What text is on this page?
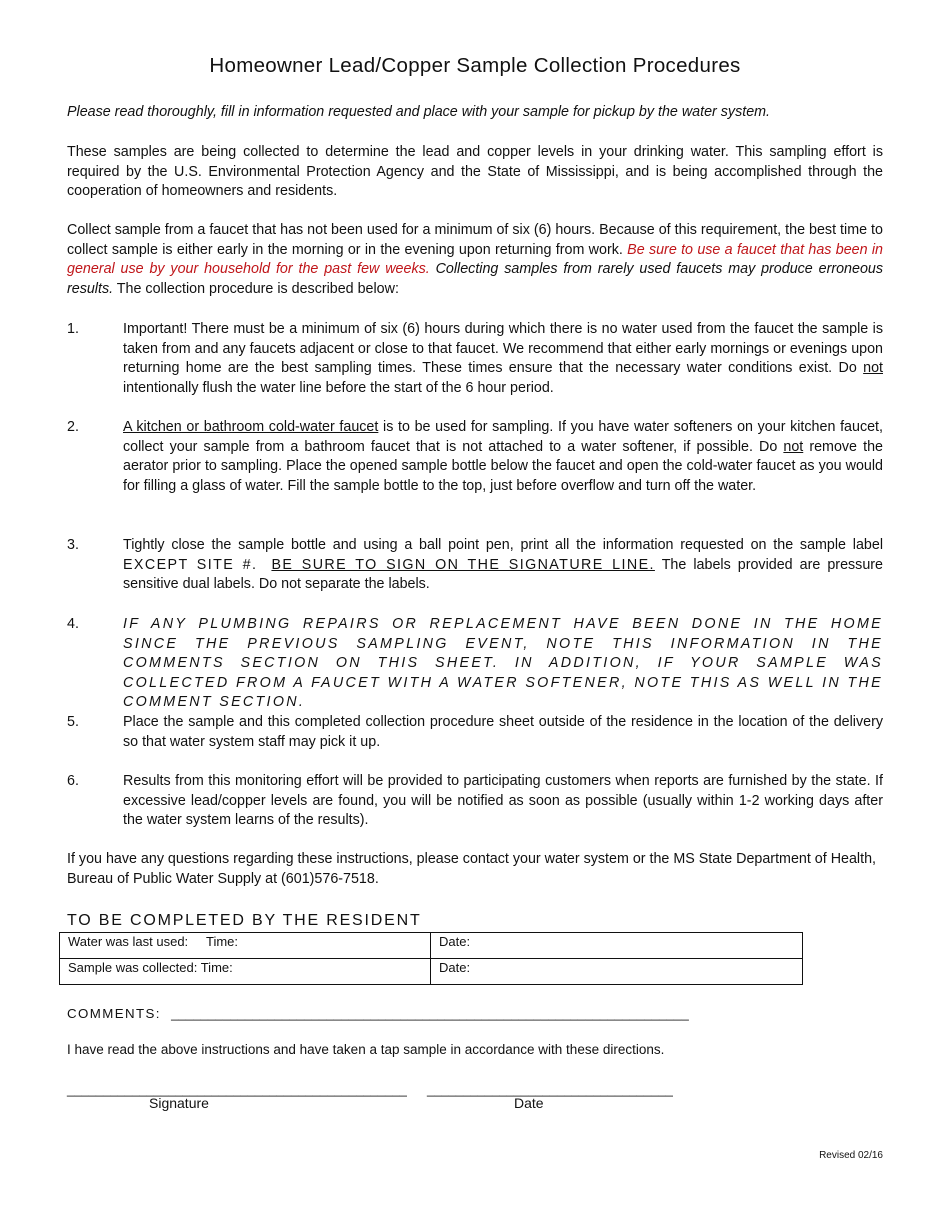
Homeowner Lead/Copper Sample Collection Procedures
Please read thoroughly, fill in information requested and place with your sample for pickup by the water system.
These samples are being collected to determine the lead and copper levels in your drinking water. This sampling effort is required by the U.S. Environmental Protection Agency and the State of Mississippi, and is being accomplished through the cooperation of homeowners and residents.
Collect sample from a faucet that has not been used for a minimum of six (6) hours. Because of this requirement, the best time to collect sample is either early in the morning or in the evening upon returning from work. Be sure to use a faucet that has been in general use by your household for the past few weeks. Collecting samples from rarely used faucets may produce erroneous results. The collection procedure is described below:
1.	Important! There must be a minimum of six (6) hours during which there is no water used from the faucet the sample is taken from and any faucets adjacent or close to that faucet. We recommend that either early mornings or evenings upon returning home are the best sampling times. These times ensure that the necessary water conditions exist. Do not intentionally flush the water line before the start of the 6 hour period.
2.	A kitchen or bathroom cold-water faucet is to be used for sampling. If you have water softeners on your kitchen faucet, collect your sample from a bathroom faucet that is not attached to a water softener, if possible. Do not remove the aerator prior to sampling. Place the opened sample bottle below the faucet and open the cold-water faucet as you would for filling a glass of water. Fill the sample bottle to the top, just before overflow and turn off the water.
3.	Tightly close the sample bottle and using a ball point pen, print all the information requested on the sample label EXCEPT SITE #. BE SURE TO SIGN ON THE SIGNATURE LINE. The labels provided are pressure sensitive dual labels. Do not separate the labels.
4.	IF ANY PLUMBING REPAIRS OR REPLACEMENT HAVE BEEN DONE IN THE HOME SINCE THE PREVIOUS SAMPLING EVENT, NOTE THIS INFORMATION IN THE COMMENTS SECTION ON THIS SHEET. IN ADDITION, IF YOUR SAMPLE WAS COLLECTED FROM A FAUCET WITH A WATER SOFTENER, NOTE THIS AS WELL IN THE COMMENT SECTION.
5.	Place the sample and this completed collection procedure sheet outside of the residence in the location of the delivery so that water system staff may pick it up.
6.	Results from this monitoring effort will be provided to participating customers when reports are furnished by the state. If excessive lead/copper levels are found, you will be notified as soon as possible (usually within 1-2 working days after the water system learns of the results).
If you have any questions regarding these instructions, please contact your water system or the MS State Department of Health, Bureau of Public Water Supply at (601)576-7518.
TO BE COMPLETED BY THE RESIDENT
Water was last used:     Time:	Date:
Sample was collected: Time:	Date:
COMMENTS: ______________________________________________________________________
I have read the above instructions and have taken a tap sample in accordance with these directions.
_______________________________________________ __________________________________
Signature	Date
Revised 02/16
